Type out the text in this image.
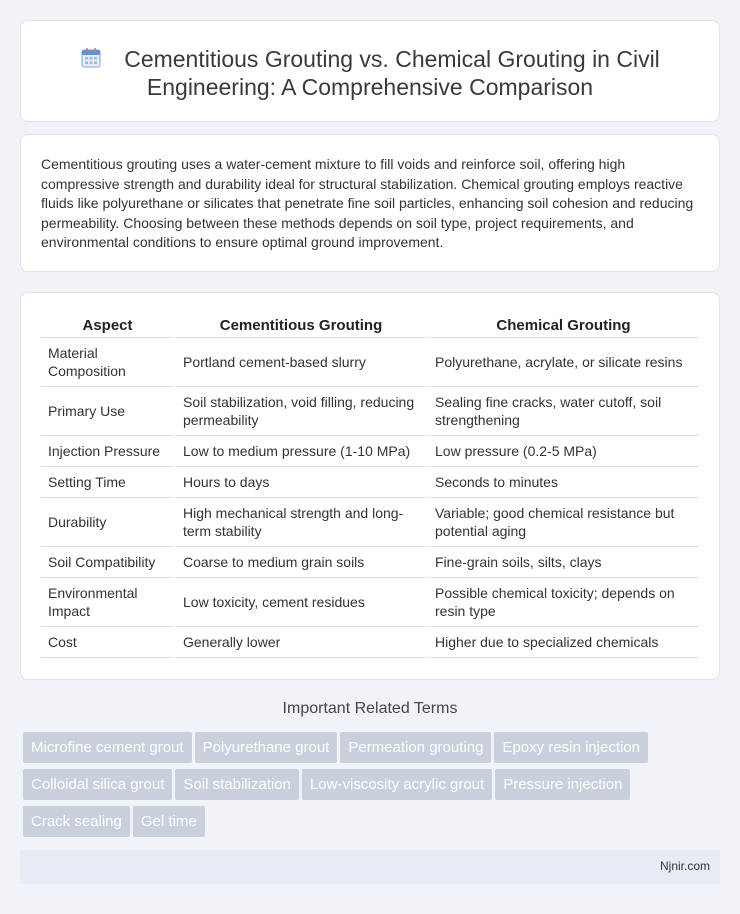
Cementitious Grouting vs. Chemical Grouting in Civil Engineering: A Comprehensive Comparison

Cementitious grouting uses a water-cement mixture to fill voids and reinforce soil, offering high compressive strength and durability ideal for structural stabilization. Chemical grouting employs reactive fluids like polyurethane or silicates that penetrate fine soil particles, enhancing soil cohesion and reducing permeability. Choosing between these methods depends on soil type, project requirements, and environmental conditions to ensure optimal ground improvement.

Aspect	Cementitious Grouting	Chemical Grouting
Material Composition	Portland cement-based slurry	Polyurethane, acrylate, or silicate resins
Primary Use	Soil stabilization, void filling, reducing permeability	Sealing fine cracks, water cutoff, soil strengthening
Injection Pressure	Low to medium pressure (1-10 MPa)	Low pressure (0.2-5 MPa)
Setting Time	Hours to days	Seconds to minutes
Durability	High mechanical strength and long-term stability	Variable; good chemical resistance but potential aging
Soil Compatibility	Coarse to medium grain soils	Fine-grain soils, silts, clays
Environmental Impact	Low toxicity, cement residues	Possible chemical toxicity; depends on resin type
Cost	Generally lower	Higher due to specialized chemicals
Important Related Terms
Microfine cement grout Polyurethane grout Permeation grouting Epoxy resin injectionColloidal silica grout Soil stabilization Low-viscosity acrylic grout Pressure injectionCrack sealing Gel time
Njnir.com
